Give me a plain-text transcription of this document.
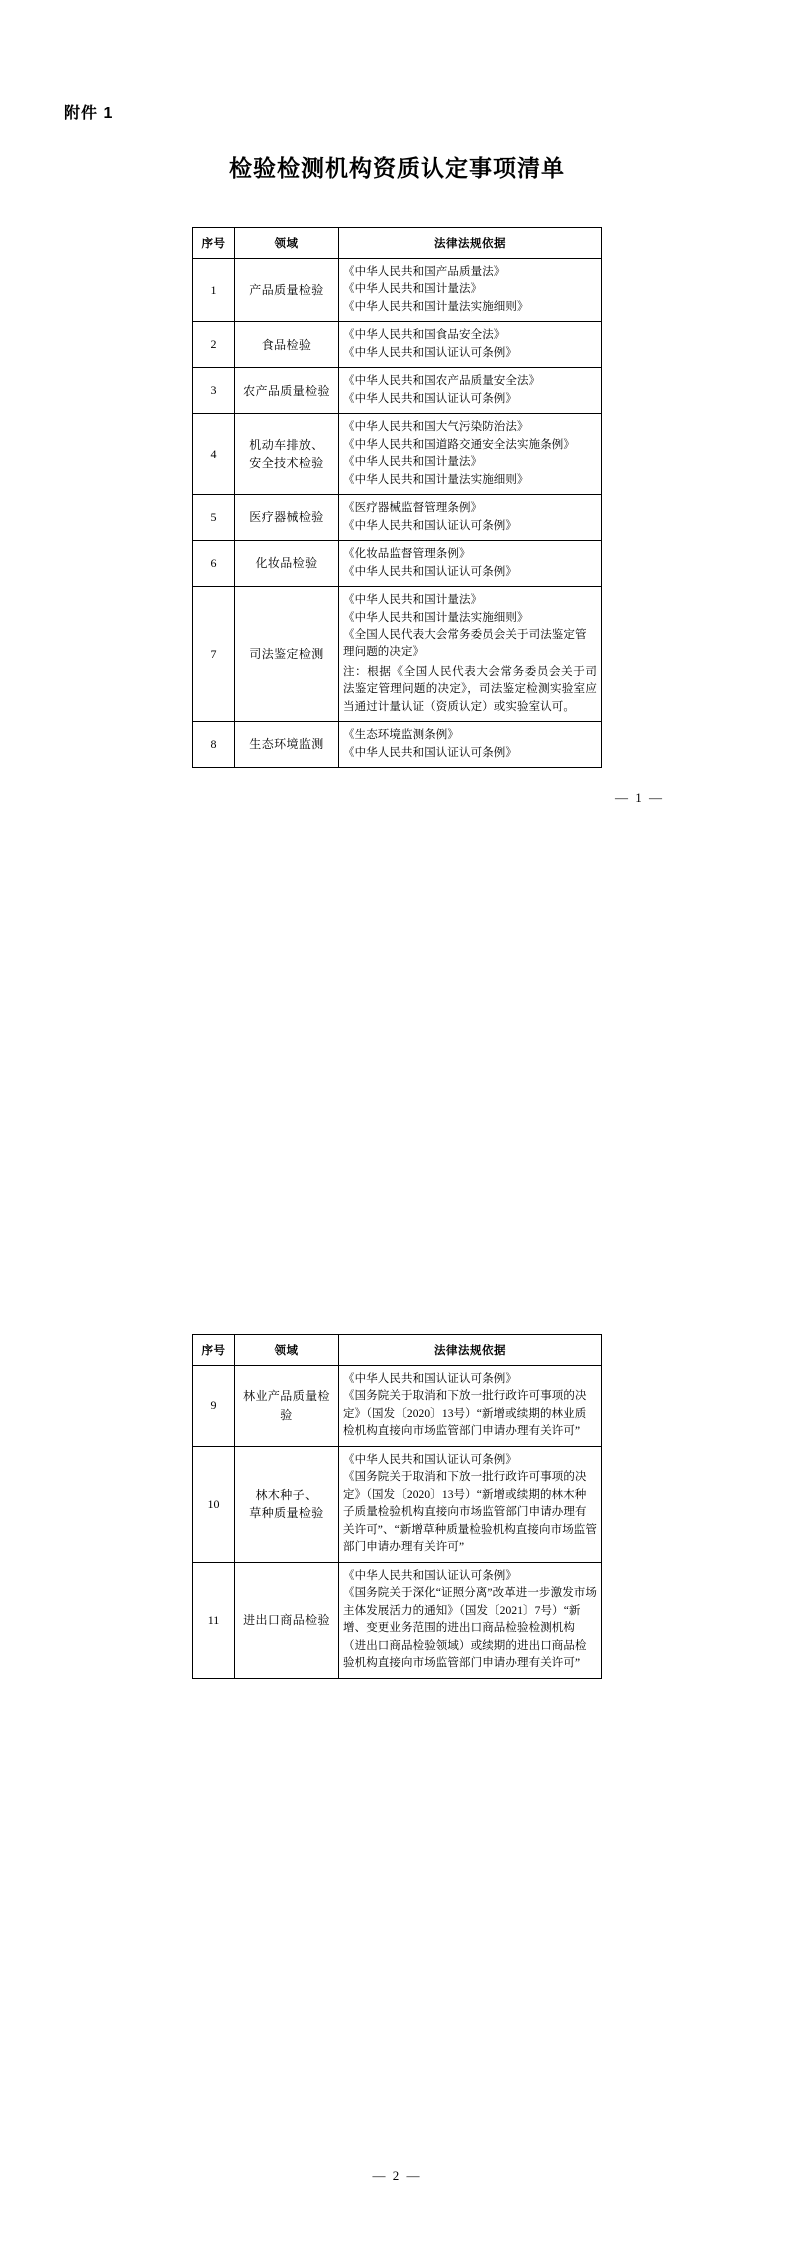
附件 1
检验检测机构资质认定事项清单
序号	领域	法律法规依据
1	产品质量检验	《中华人民共和国产品质量法》
《中华人民共和国计量法》
《中华人民共和国计量法实施细则》

2	食品检验	《中华人民共和国食品安全法》
《中华人民共和国认证认可条例》

3	农产品质量检验	《中华人民共和国农产品质量安全法》
《中华人民共和国认证认可条例》

4	机动车排放、
安全技术检验	《中华人民共和国大气污染防治法》
《中华人民共和国道路交通安全法实施条例》
《中华人民共和国计量法》
《中华人民共和国计量法实施细则》

5	医疗器械检验	《医疗器械监督管理条例》
《中华人民共和国认证认可条例》

6	化妆品检验	《化妆品监督管理条例》
《中华人民共和国认证认可条例》

7	司法鉴定检测	《中华人民共和国计量法》
《中华人民共和国计量法实施细则》
《全国人民代表大会常务委员会关于司法鉴定管理问题的决定》
注：根据《全国人民代表大会常务委员会关于司法鉴定管理问题的决定》，司法鉴定检测实验室应当通过计量认证（资质认定）或实验室认可。

8	生态环境监测	《生态环境监测条例》
《中华人民共和国认证认可条例》
— 1 —
序号	领域	法律法规依据
9	林业产品质量检验	《中华人民共和国认证认可条例》
《国务院关于取消和下放一批行政许可事项的决定》（国发〔2020〕13号）“新增或续期的林业质检机构直接向市场监管部门申请办理有关许可”

10	林木种子、
草种质量检验	《中华人民共和国认证认可条例》
《国务院关于取消和下放一批行政许可事项的决定》（国发〔2020〕13号）“新增或续期的林木种子质量检验机构直接向市场监管部门申请办理有关许可”、“新增草种质量检验机构直接向市场监管部门申请办理有关许可”

11	进出口商品检验	《中华人民共和国认证认可条例》
《国务院关于深化“证照分离”改革进一步激发市场主体发展活力的通知》（国发〔2021〕7号）“新增、变更业务范围的进出口商品检验检测机构（进出口商品检验领域）或续期的进出口商品检验机构直接向市场监管部门申请办理有关许可”
— 2 —
